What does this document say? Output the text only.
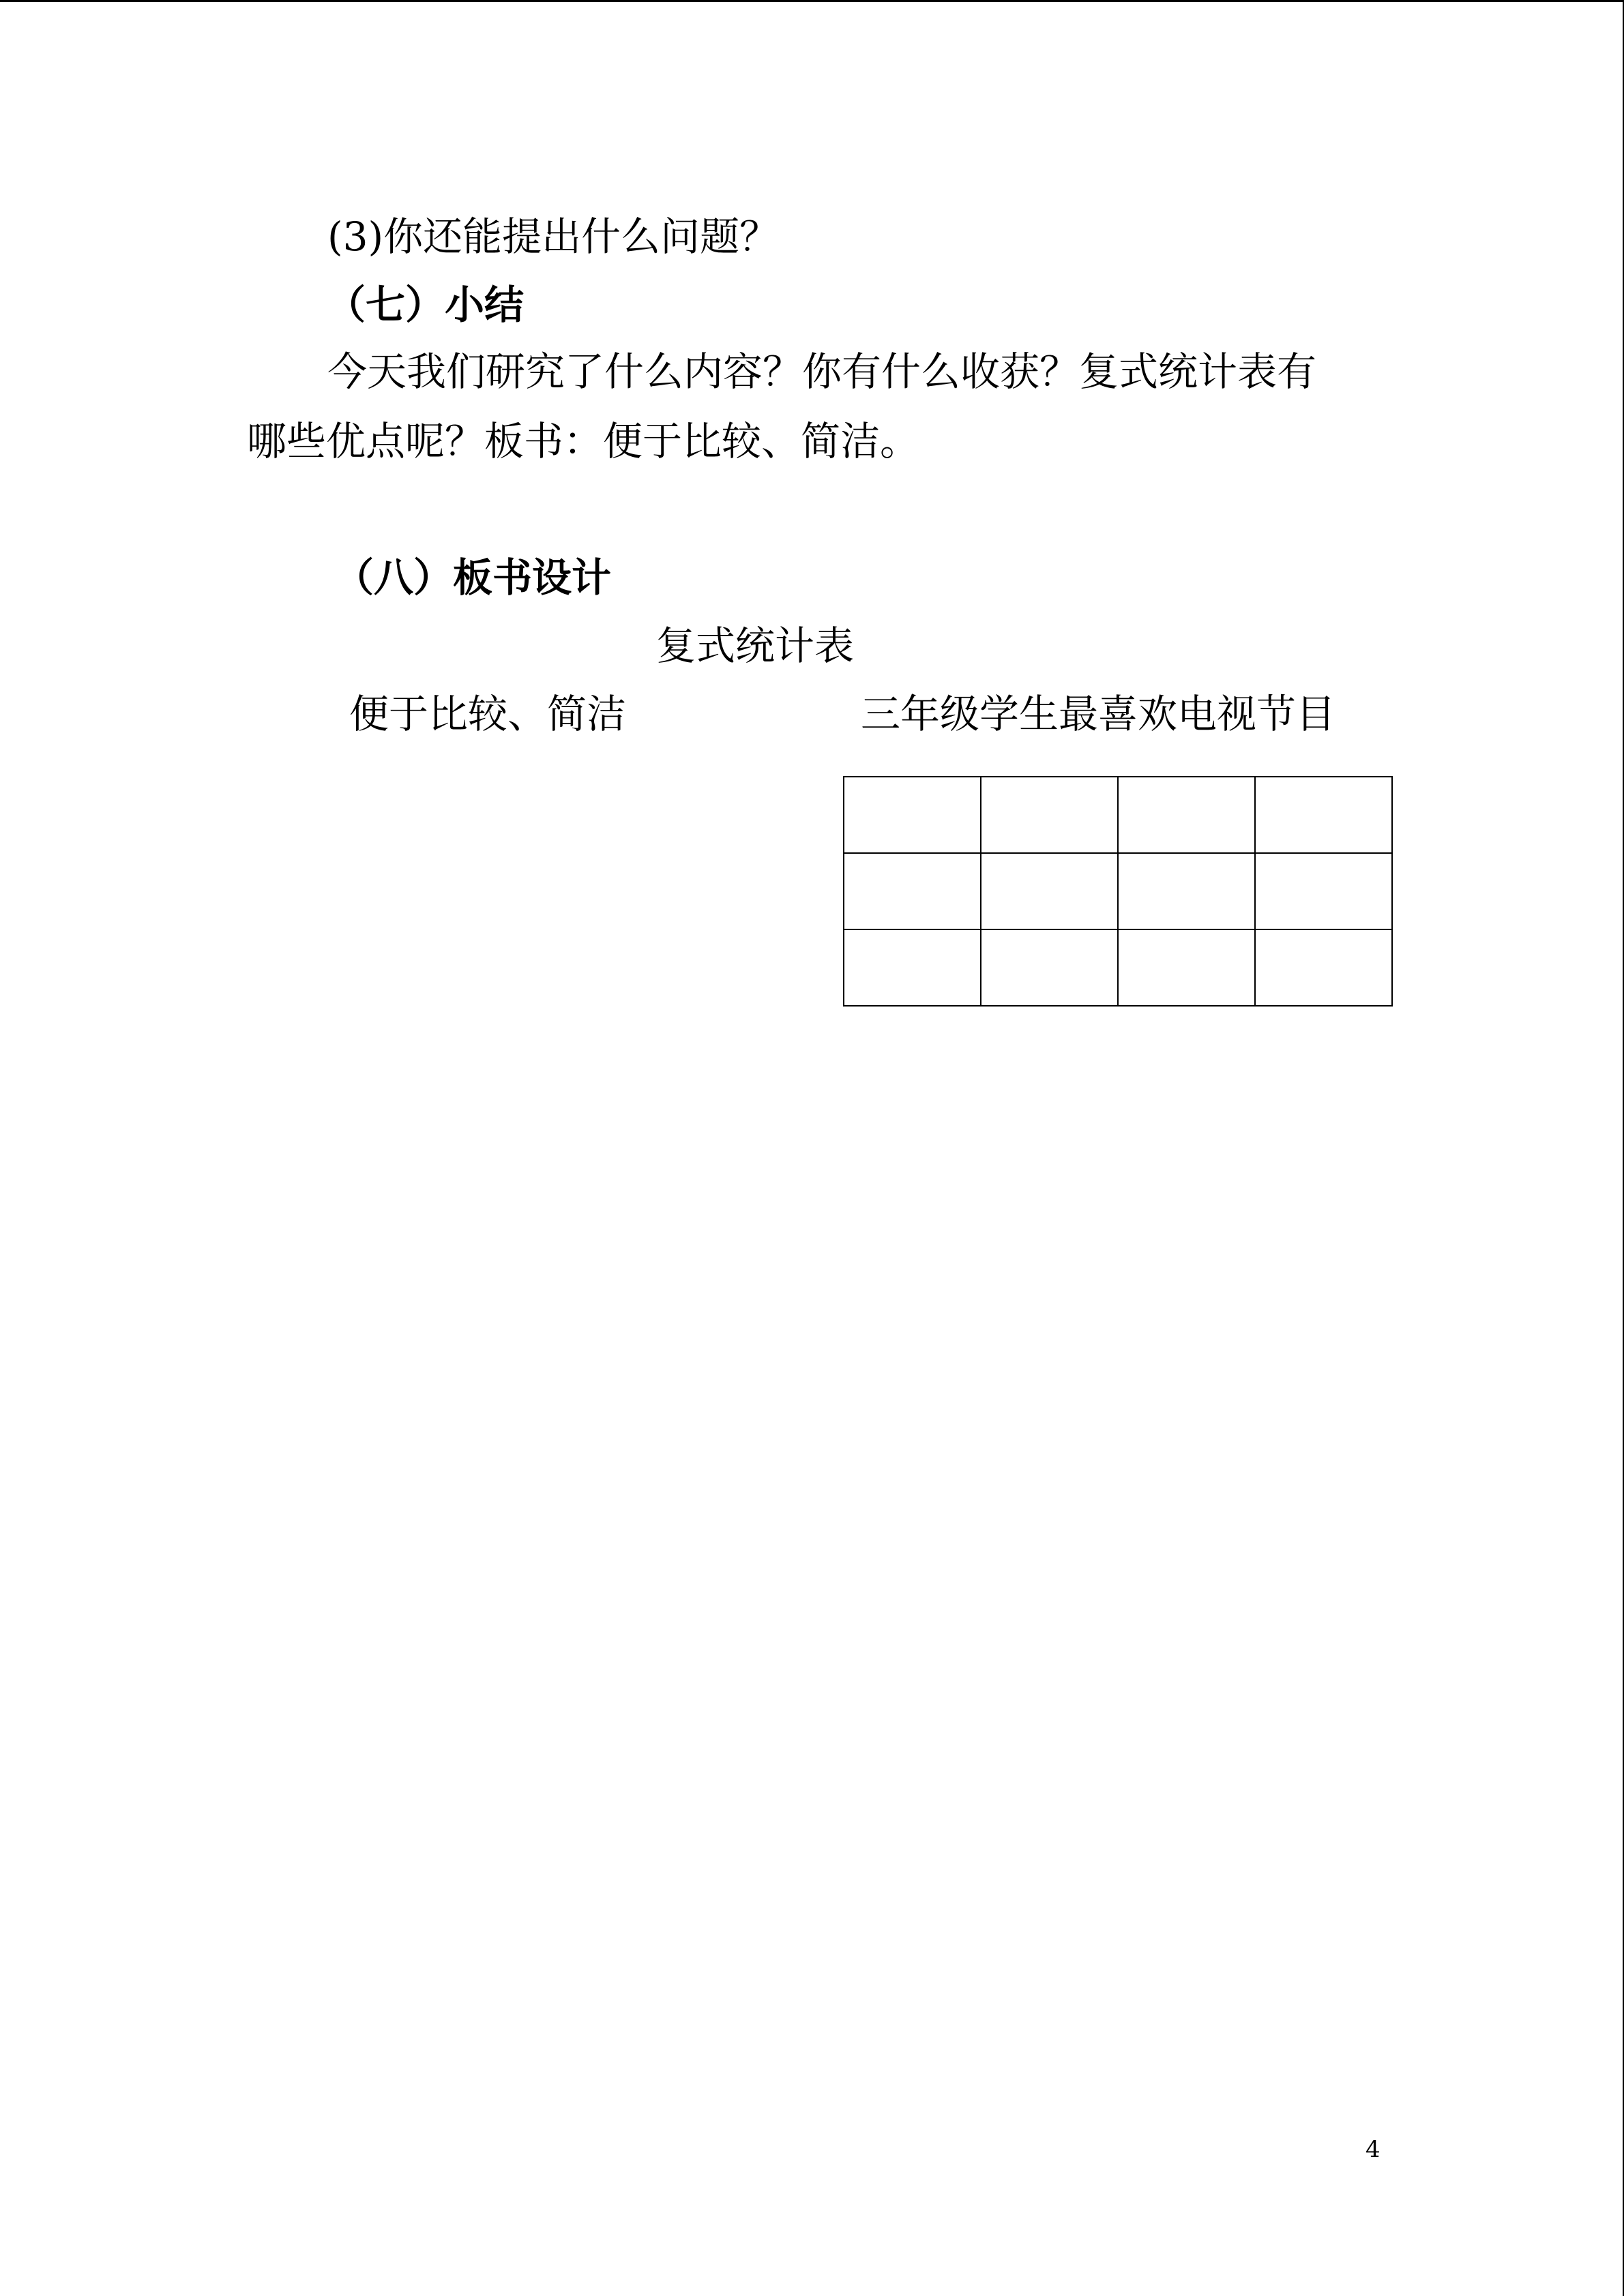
(3)你还能提出什么问题？
（七）小结
今天我们研究了什么内容？你有什么收获？复式统计表有
哪些优点呢？板书：便于比较、简洁。
（八）板书设计
复式统计表
便于比较、简洁	三年级学生最喜欢电视节目

4
